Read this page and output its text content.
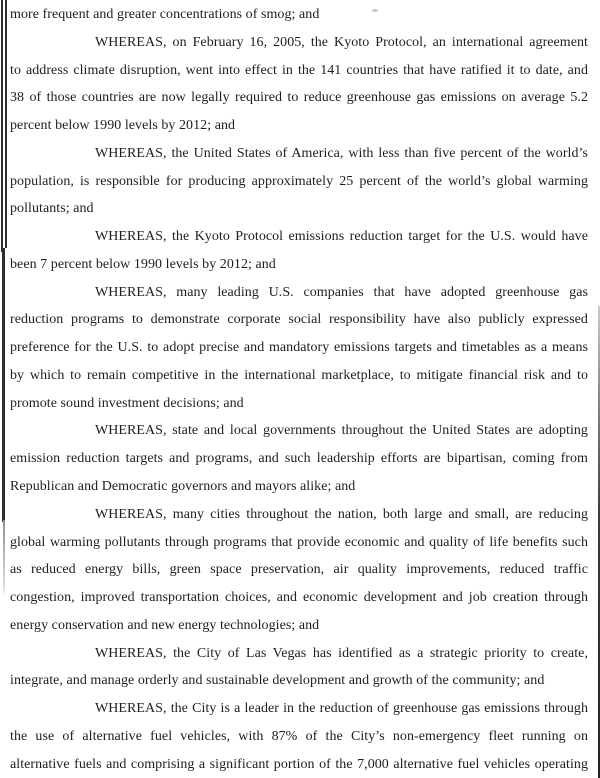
more frequent and greater concentrations of smog; and
WHEREAS, on February 16, 2005, the Kyoto Protocol, an international agreement
to address climate disruption, went into effect in the 141 countries that have ratified it to date, and
38 of those countries are now legally required to reduce greenhouse gas emissions on average 5.2
percent below 1990 levels by 2012; and
WHEREAS, the United States of America, with less than five percent of the world’s
population, is responsible for producing approximately 25 percent of the world’s global warming
pollutants; and
WHEREAS, the Kyoto Protocol emissions reduction target for the U.S. would have
been 7 percent below 1990 levels by 2012; and
WHEREAS, many leading U.S. companies that have adopted greenhouse gas
reduction programs to demonstrate corporate social responsibility have also publicly expressed
preference for the U.S. to adopt precise and mandatory emissions targets and timetables as a means
by which to remain competitive in the international marketplace, to mitigate financial risk and to
promote sound investment decisions; and
WHEREAS, state and local governments throughout the United States are adopting
emission reduction targets and programs, and such leadership efforts are bipartisan, coming from
Republican and Democratic governors and mayors alike; and
WHEREAS, many cities throughout the nation, both large and small, are reducing
global warming pollutants through programs that provide economic and quality of life benefits such
as reduced energy bills, green space preservation, air quality improvements, reduced traffic
congestion, improved transportation choices, and economic development and job creation through
energy conservation and new energy technologies; and
WHEREAS, the City of Las Vegas has identified as a strategic priority to create,
integrate, and manage orderly and sustainable development and growth of the community; and
WHEREAS, the City is a leader in the reduction of greenhouse gas emissions through
the use of alternative fuel vehicles, with 87% of the City’s non-emergency fleet running on
alternative fuels and comprising a significant portion of the 7,000 alternative fuel vehicles operating
